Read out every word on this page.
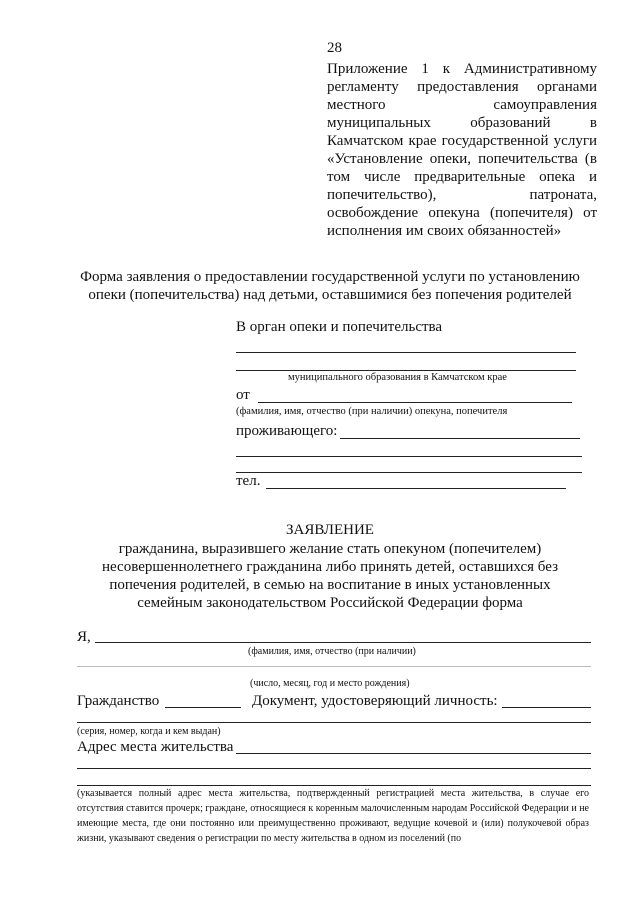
28
Приложение 1 к Административному регламенту предоставления органами местного самоуправления муниципальных образований в Камчатском крае государственной услуги «Установление опеки, попечительства (в том числе предварительные опека и попечительство), патроната, освобождение опекуна (попечителя) от исполнения им своих обязанностей»
Форма заявления о предоставлении государственной услуги по установлению
опеки (попечительства) над детьми, оставшимися без попечения родителей
В орган опеки и попечительства
муниципального образования в Камчатском крае
от
(фамилия, имя, отчество (при наличии) опекуна, попечителя
проживающего:
тел.
ЗАЯВЛЕНИЕ
гражданина, выразившего желание стать опекуном (попечителем) несовершеннолетнего гражданина либо принять детей, оставшихся без попечения родителей, в семью на воспитание в иных установленных семейным законодательством Российской Федерации форма
Я,
(фамилия, имя, отчество (при наличии)
(число, месяц, год и место рождения)
Гражданство	Документ, удостоверяющий личность:
(серия, номер, когда и кем выдан)
Адрес места жительства
(указывается полный адрес места жительства, подтвержденный регистрацией места жительства, в случае его отсутствия ставится прочерк; граждане, относящиеся к коренным малочисленным народам Российской Федерации и не имеющие места, где они постоянно или преимущественно проживают, ведущие кочевой и (или) полукочевой образ жизни, указывают сведения о регистрации по месту жительства в одном из поселений (по
